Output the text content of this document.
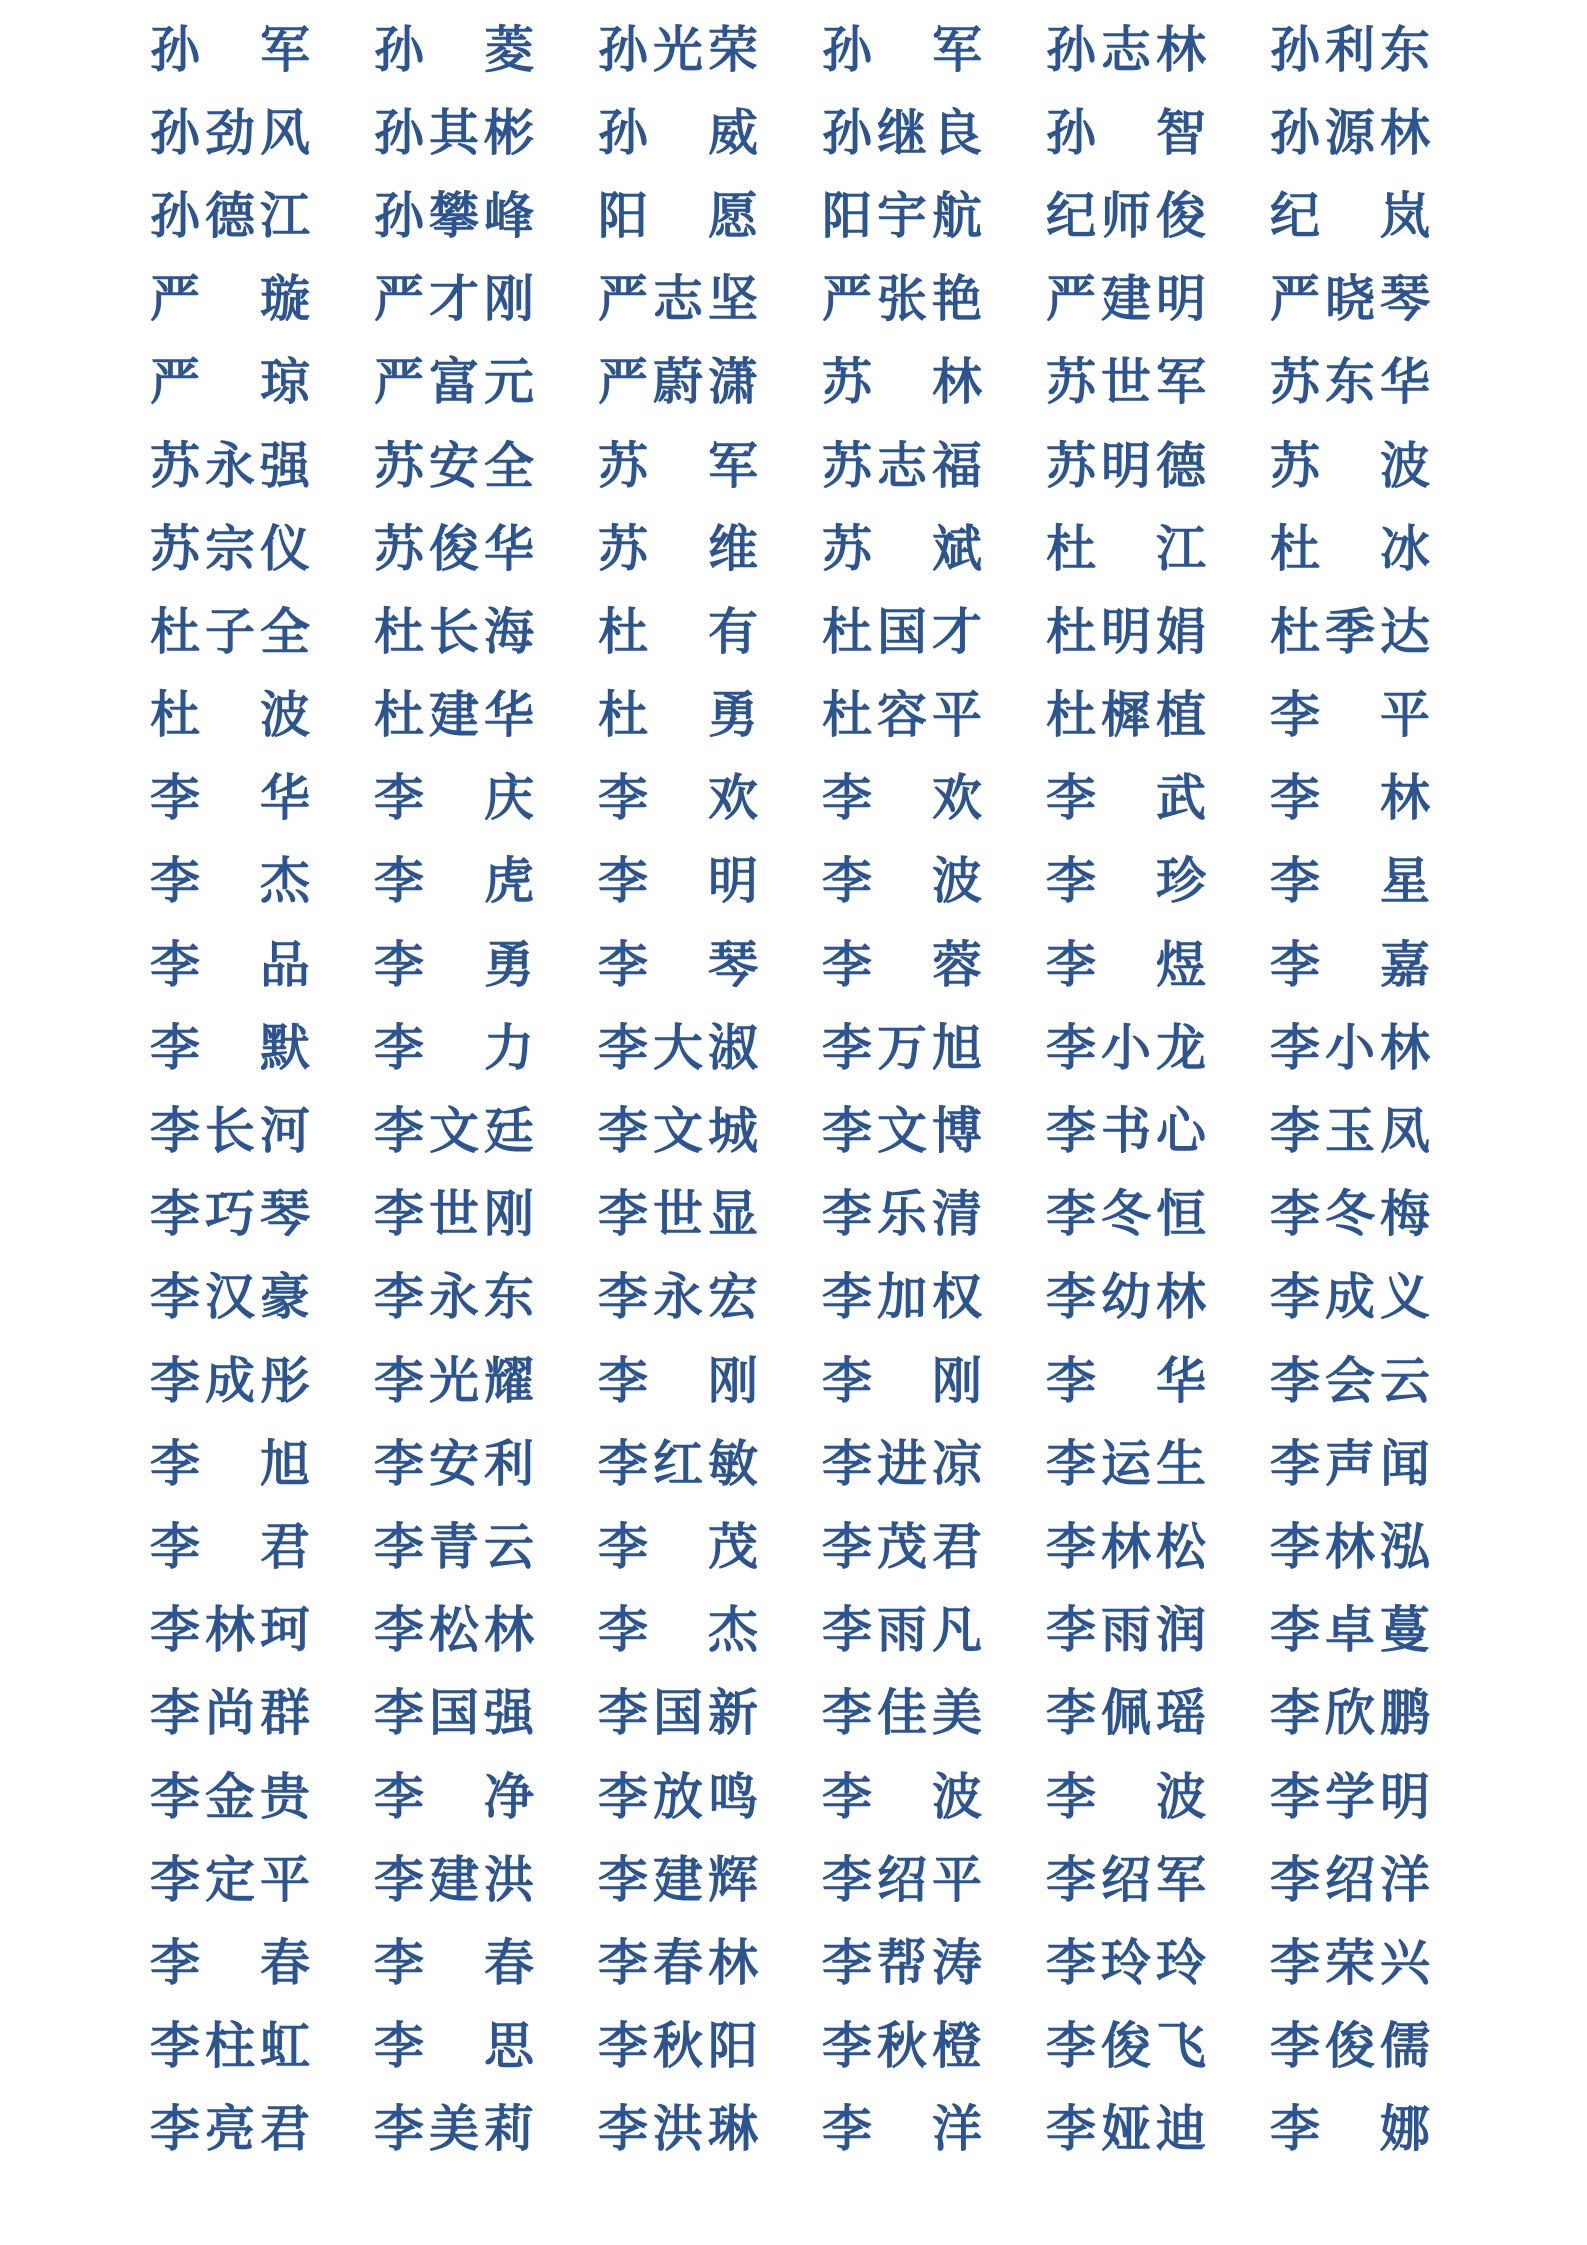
孙 军 孙 菱 孙 光 荣 孙 军 孙 志 林 孙 利 东
孙 劲 风 孙 其 彬 孙 威 孙 继 良 孙 智 孙 源 林
孙 德 江 孙 攀 峰 阳 愿 阳 宇 航 纪 师 俊 纪 岚
严 璇 严 才 刚 严 志 坚 严 张 艳 严 建 明 严 晓 琴
严 琼 严 富 元 严 蔚 潇 苏 林 苏 世 军 苏 东 华
苏 永 强 苏 安 全 苏 军 苏 志 福 苏 明 德 苏 波
苏 宗 仪 苏 俊 华 苏 维 苏 斌 杜 江 杜 冰
杜 子 全 杜 长 海 杜 有 杜 国 才 杜 明 娟 杜 季 达
杜 波 杜 建 华 杜 勇 杜 容 平 杜 樨 植 李 平
李 华 李 庆 李 欢 李 欢 李 武 李 林
李 杰 李 虎 李 明 李 波 李 珍 李 星
李 品 李 勇 李 琴 李 蓉 李 煜 李 嘉
李 默 李 力 李 大 淑 李 万 旭 李 小 龙 李 小 林
李 长 河 李 文 廷 李 文 城 李 文 博 李 书 心 李 玉 凤
李 巧 琴 李 世 刚 李 世 显 李 乐 清 李 冬 恒 李 冬 梅
李 汉 豪 李 永 东 李 永 宏 李 加 权 李 幼 林 李 成 义
李 成 彤 李 光 耀 李 刚 李 刚 李 华 李 会 云
李 旭 李 安 利 李 红 敏 李 进 凉 李 运 生 李 声 闻
李 君 李 青 云 李 茂 李 茂 君 李 林 松 李 林 泓
李 林 珂 李 松 林 李 杰 李 雨 凡 李 雨 润 李 卓 蔓
李 尚 群 李 国 强 李 国 新 李 佳 美 李 佩 瑶 李 欣 鹏
李 金 贵 李 净 李 放 鸣 李 波 李 波 李 学 明
李 定 平 李 建 洪 李 建 辉 李 绍 平 李 绍 军 李 绍 洋
李 春 李 春 李 春 林 李 帮 涛 李 玲 玲 李 荣 兴
李 柱 虹 李 思 李 秋 阳 李 秋 橙 李 俊 飞 李 俊 儒
李 亮 君 李 美 莉 李 洪 琳 李 洋 李 娅 迪 李 娜
